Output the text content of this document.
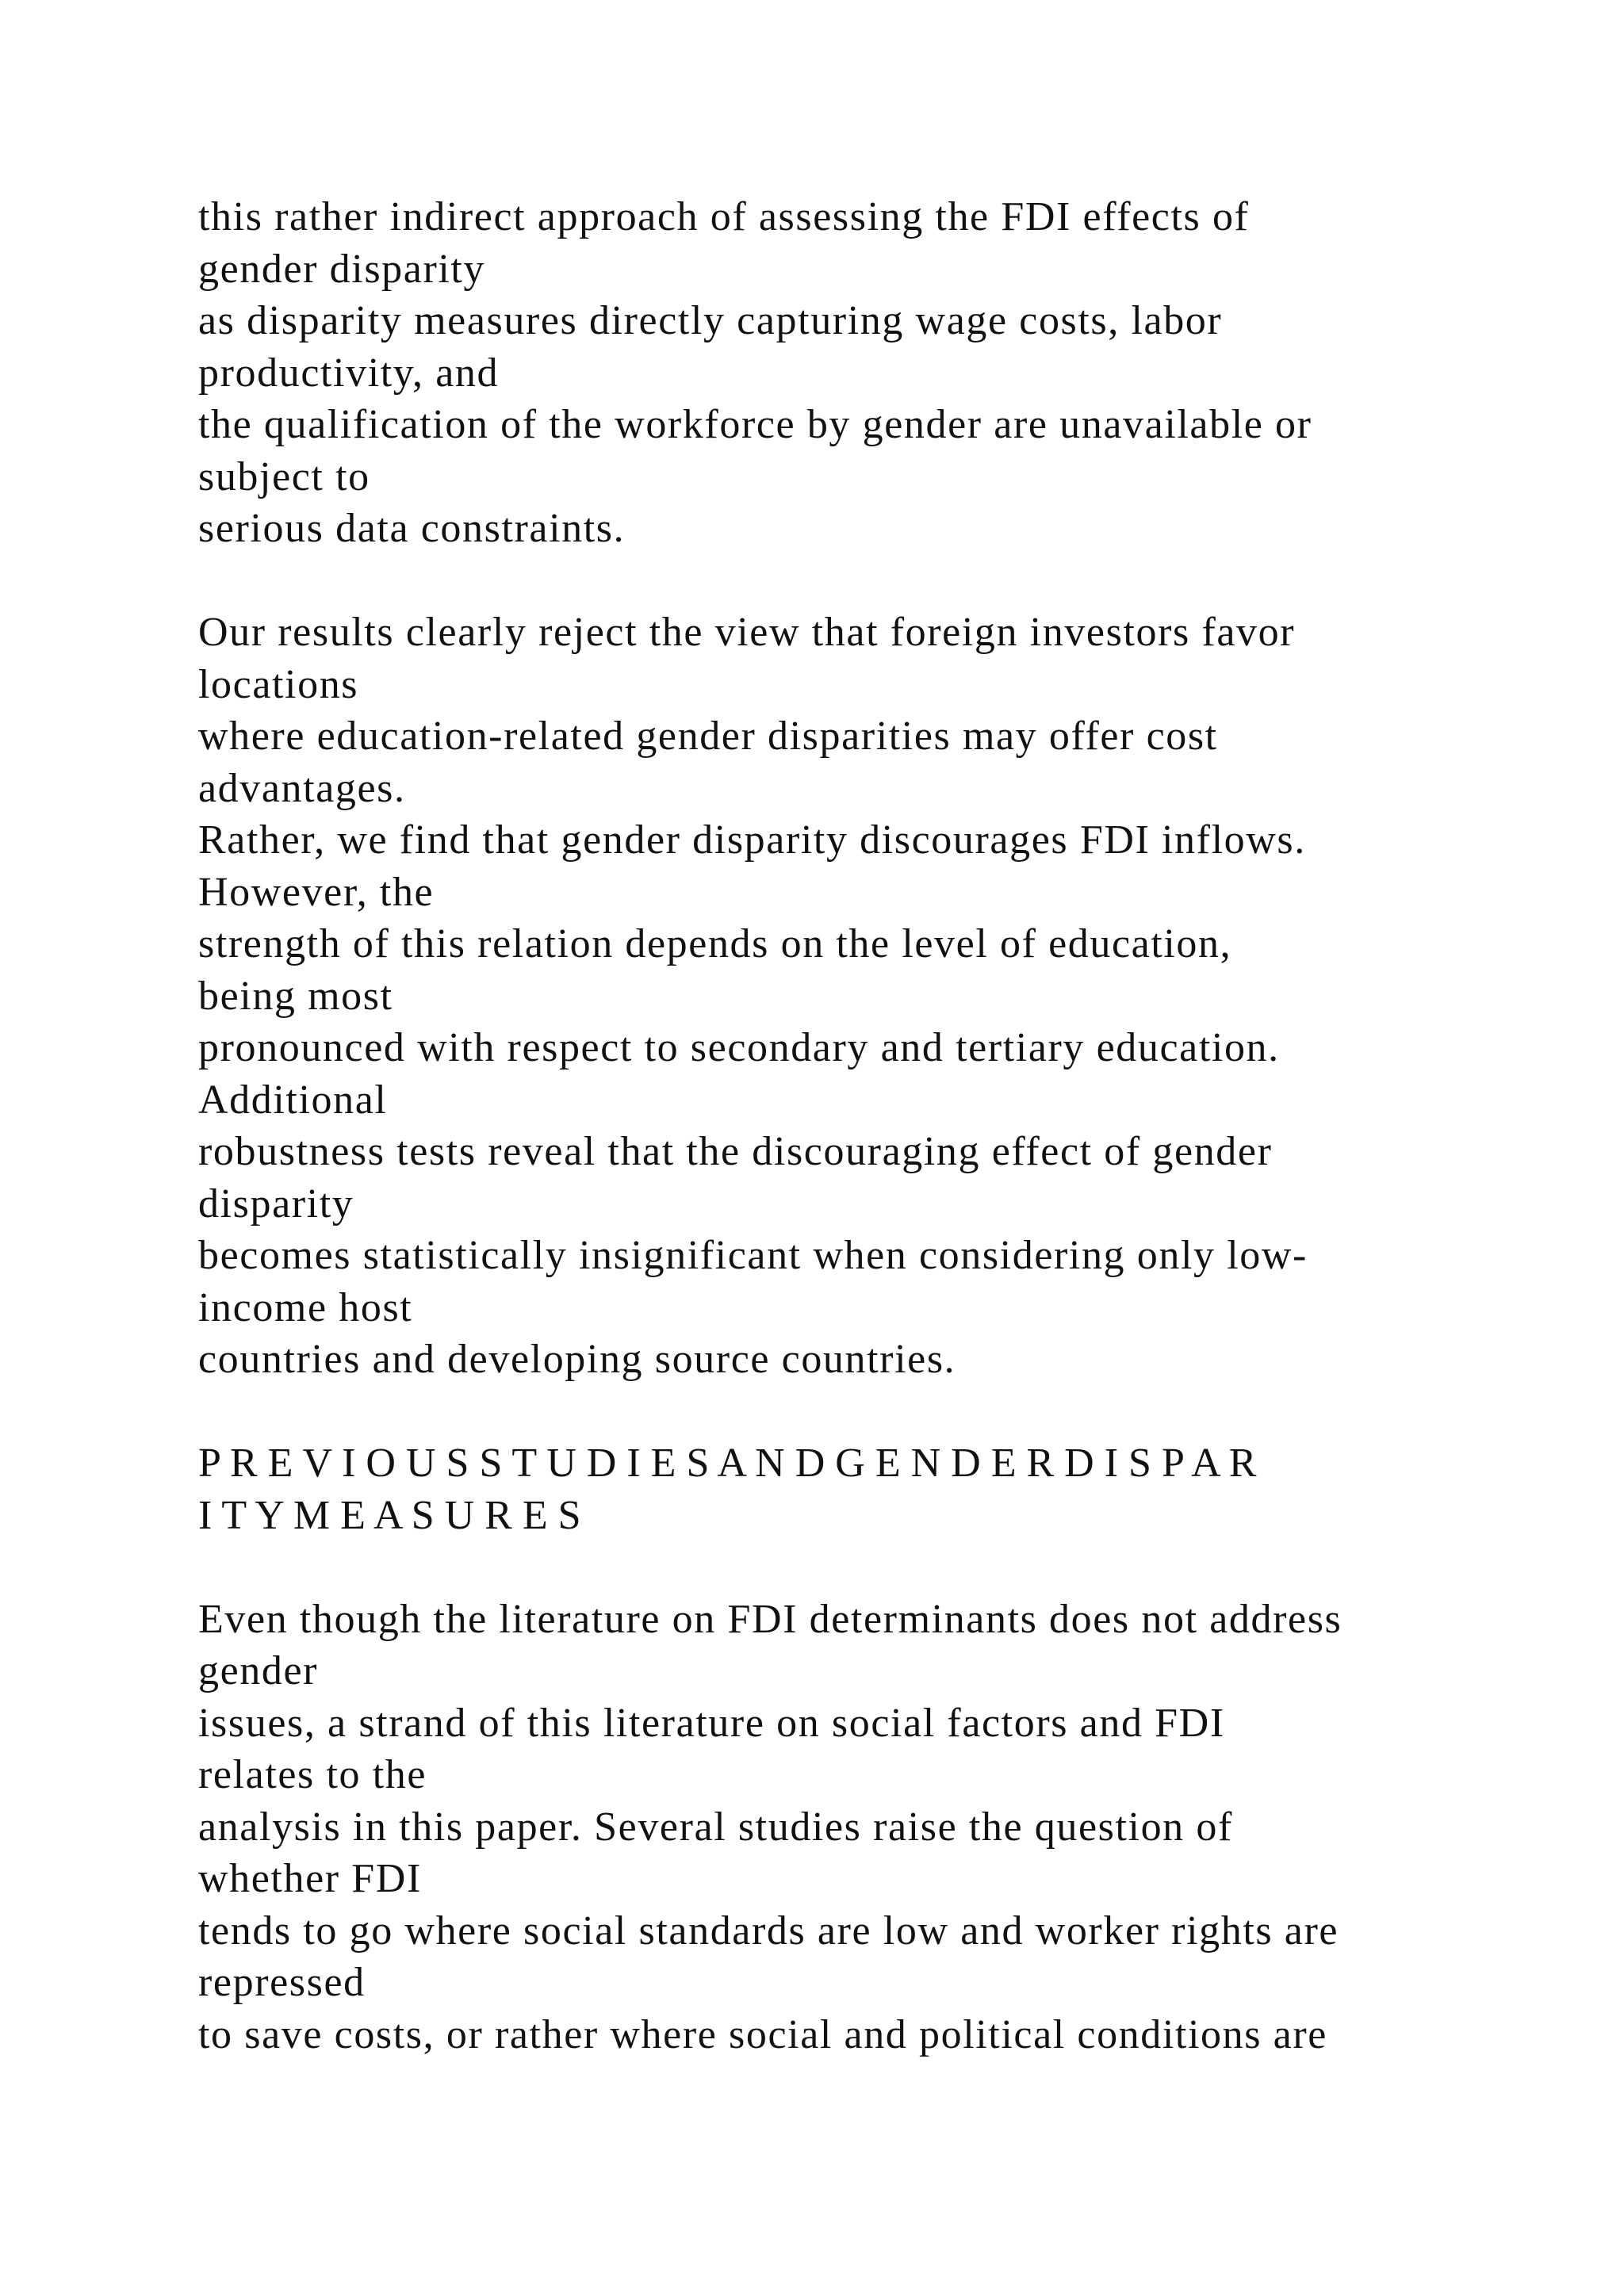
this rather indirect approach of assessing the FDI effects of
gender disparity
as disparity measures directly capturing wage costs, labor
productivity, and
the qualification of the workforce by gender are unavailable or
subject to
serious data constraints.
Our results clearly reject the view that foreign investors favor
locations
where education-related gender disparities may offer cost
advantages.
Rather, we find that gender disparity discourages FDI inflows.
However, the
strength of this relation depends on the level of education,
being most
pronounced with respect to secondary and tertiary education.
Additional
robustness tests reveal that the discouraging effect of gender
disparity
becomes statistically insignificant when considering only low-
income host
countries and developing source countries.
P R E V I O U S S T U D I E S A N D G E N D E R D I S P A R
I T Y M E A S U R E S
Even though the literature on FDI determinants does not address
gender
issues, a strand of this literature on social factors and FDI
relates to the
analysis in this paper. Several studies raise the question of
whether FDI
tends to go where social standards are low and worker rights are
repressed
to save costs, or rather where social and political conditions are
